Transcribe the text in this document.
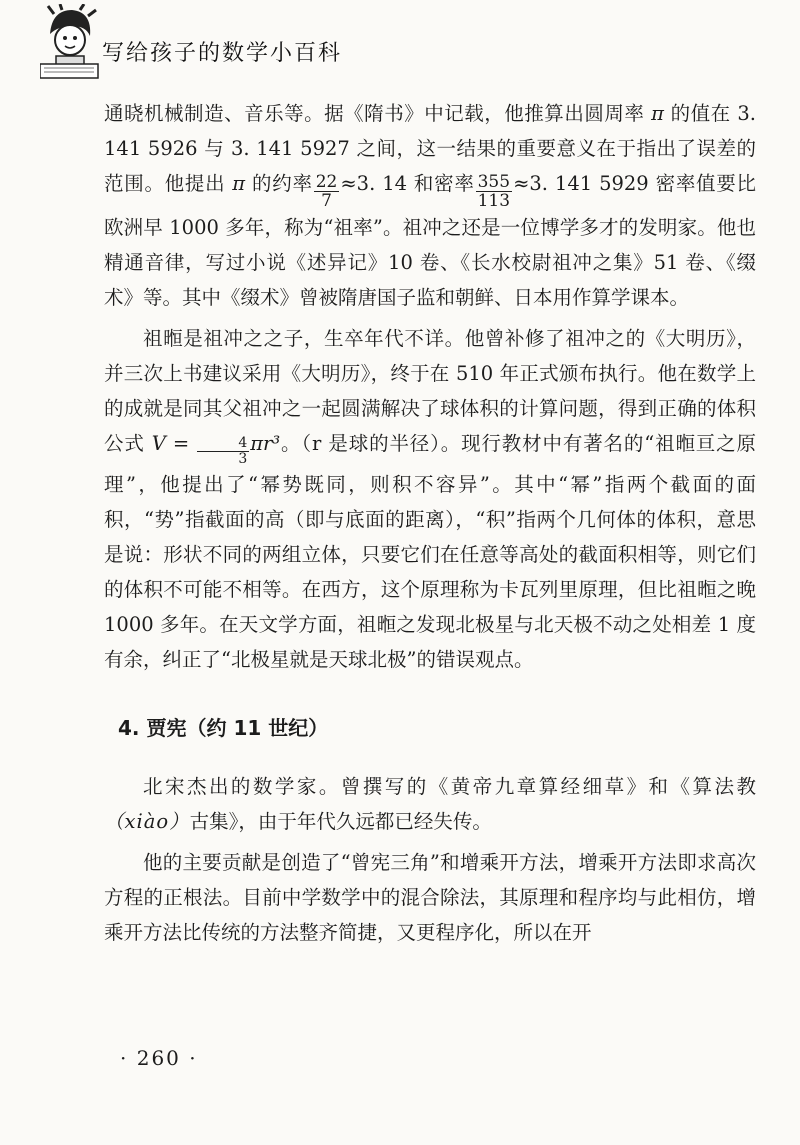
写给孩子的数学小百科

通晓机械制造、音乐等。据《隋书》中记载，他推算出圆周率 π 的值在 3. 141 5926 与 3. 141 5927 之间，这一结果的重要意义在于指出了误差的范围。他提出 π 的约率 $\frac{22}{7} \approx 3$. 14 和密率 $\frac{355}{113} \approx 3$. 141 5929 密率值要比欧洲早 1000 多年，称为“祖率”。祖冲之还是一位博学多才的发明家。他也精通音律，写过小说《述异记》10 卷、《长水校尉祖冲之集》51 卷、《缀术》等。其中《缀术》曾被隋唐国子监和朝鲜、日本用作算学课本。

祖暅是祖冲之之子，生卒年代不详。他曾补修了祖冲之的《大明历》，并三次上书建议采用《大明历》，终于在 510 年正式颁布执行。他在数学上的成就是同其父祖冲之一起圆满解决了球体积的计算问题，得到正确的体积公式 $V = \frac{4}{3} \pi r^3$。（r 是球的半径）。现行教材中有著名的“祖暅亘之原理”，他提出了“幂势既同，则积不容异”。其中“幂”指两个截面的面积，“势”指截面的高（即与底面的距离），“积”指两个几何体的体积，意思是说：形状不同的两组立体，只要它们在任意等高处的截面积相等，则它们的体积不可能不相等。在西方，这个原理称为卡瓦列里原理，但比祖暅之晚 1000 多年。在天文学方面，祖暅之发现北极星与北天极不动之处相差 1 度有余，纠正了“北极星就是天球北极”的错误观点。

4. 贾宪（约 11 世纪）

北宋杰出的数学家。曾撰写的《黄帝九章算经细草》和《算法教（xiào）古集》，由于年代久远都已经失传。

他的主要贡献是创造了“曾宪三角”和增乘开方法，增乘开方法即求高次方程的正根法。目前中学数学中的混合除法，其原理和程序均与此相仿，增乘开方法比传统的方法整齐简捷，又更程序化，所以在开

· 260 ·
